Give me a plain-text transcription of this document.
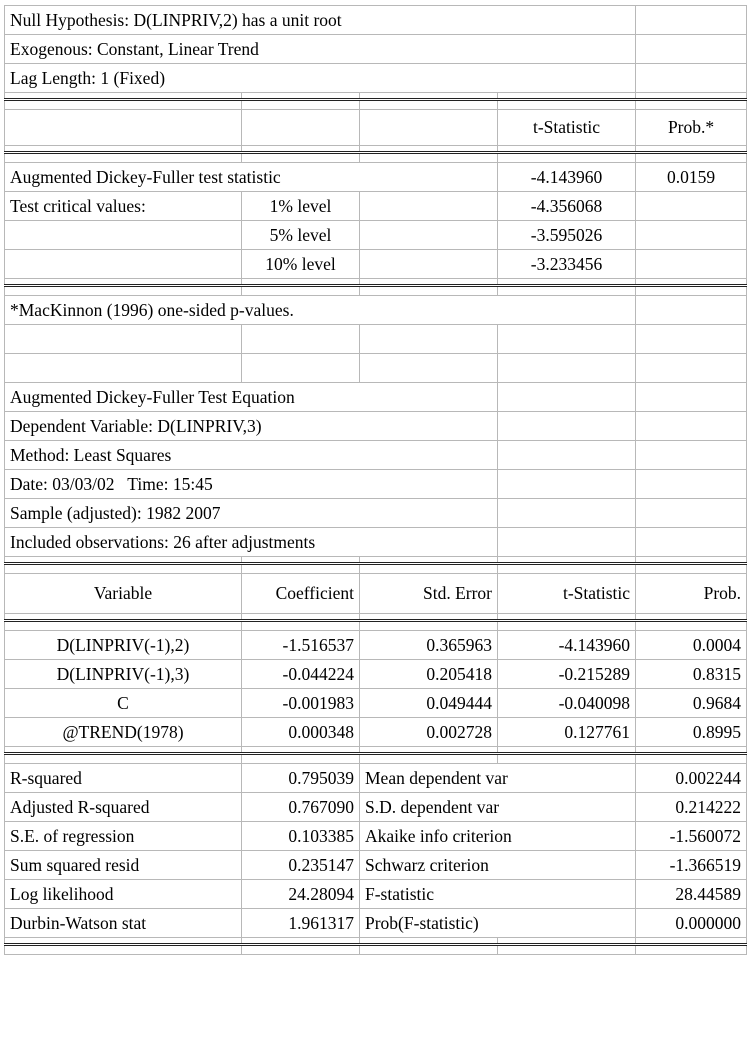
Null Hypothesis: D(LINPRIV,2) has a unit root				
Exogenous: Constant, Linear Trend				
Lag Length: 1 (Fixed)				

			t-Statistic	Prob.*

Augmented Dickey-Fuller test statistic			-4.143960	0.0159
Test critical values:	1% level		-4.356068	
	5% level		-3.595026	
	10% level		-3.233456	

*MacKinnon (1996) one-sided p-values.				

Augmented Dickey-Fuller Test Equation				
Dependent Variable: D(LINPRIV,3)				
Method: Least Squares				
Date: 03/03/02   Time: 15:45				
Sample (adjusted): 1982 2007				
Included observations: 26 after adjustments				

Variable	Coefficient	Std. Error	t-Statistic	Prob.

D(LINPRIV(-1),2)	-1.516537	0.365963	-4.143960	0.0004
D(LINPRIV(-1),3)	-0.044224	0.205418	-0.215289	0.8315
C	-0.001983	0.049444	-0.040098	0.9684
@TREND(1978)	0.000348	0.002728	0.127761	0.8995

R-squared	0.795039	Mean dependent var		0.002244
Adjusted R-squared	0.767090	S.D. dependent var		0.214222
S.E. of regression	0.103385	Akaike info criterion		-1.560072
Sum squared resid	0.235147	Schwarz criterion		-1.366519
Log likelihood	24.28094	F-statistic		28.44589
Durbin-Watson stat	1.961317	Prob(F-statistic)		0.000000
